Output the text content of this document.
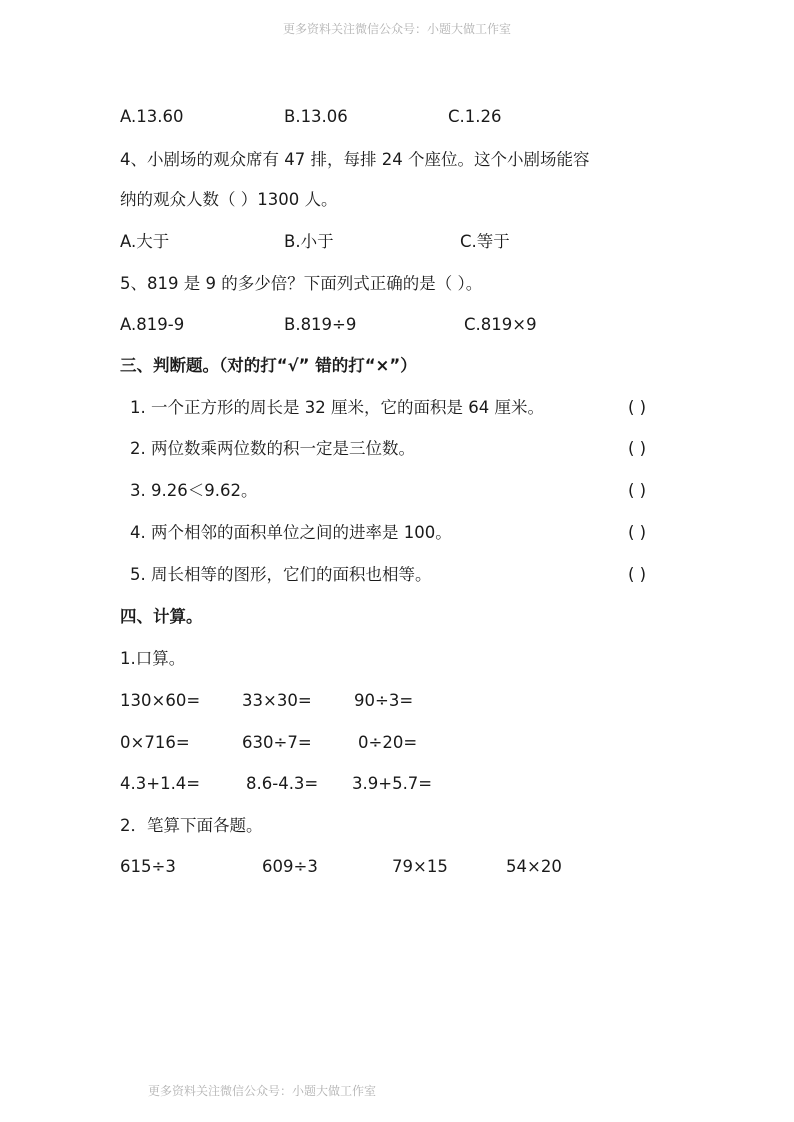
更多资料关注微信公众号：小题大做工作室
A.13.60	B.13.06	C.1.26
4、小剧场的观众席有 47 排，每排 24 个座位。这个小剧场能容
纳的观众人数（ ）1300 人。
A.大于	B.小于	C.等于
5、819 是 9 的多少倍？下面列式正确的是（ ）。
A.819-9	B.819÷9	C.819×9
三、判断题。（对的打“√” 错的打“×”）
1. 一个正方形的周长是 32 厘米，它的面积是 64 厘米。	( )
2. 两位数乘两位数的积一定是三位数。	( )
3. 9.26＜9.62。	( )
4. 两个相邻的面积单位之间的进率是 100。	( )
5. 周长相等的图形，它们的面积也相等。	( )
四、计算。
1.口算。
130×60=	33×30=	90÷3=
0×716=	630÷7=	0÷20=
4.3+1.4=	8.6-4.3= 3.9+5.7=
2．笔算下面各题。
615÷3	609÷3	79×15	54×20
更多资料关注微信公众号：小题大做工作室
